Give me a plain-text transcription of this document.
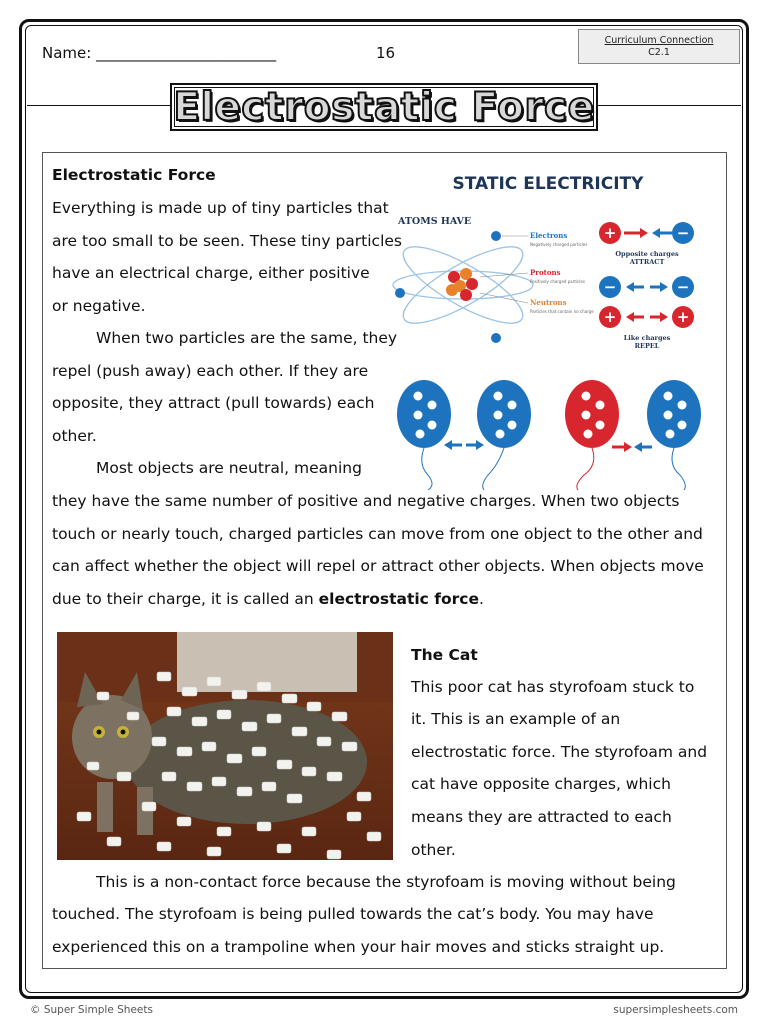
Name: ________________________	16
Curriculum Connection
C2.1
Electrostatic Force
Electrostatic Force
Everything is made up of tiny particles that
are too small to be seen. These tiny particles
have an electrical charge, either positive
or negative.
When two particles are the same, they
repel (push away) each other. If they are
opposite, they attract (pull towards) each
other.
Most objects are neutral, meaning
they have the same number of positive and negative charges. When two objects
touch or nearly touch, charged particles can move from one object to the other and
can affect whether the object will repel or attract other objects. When objects move
due to their charge, it is called an electrostatic force.
STATIC ELECTRICITY
ATOMS HAVE
Electrons
Negatively charged particles
Protons
Positively charged particles
Neutrons
Particles that contain no charge
+	−
Opposite charges
ATTRACT
−	−
+	+
Like charges
REPEL
The Cat
This poor cat has styrofoam stuck to
it. This is an example of an
electrostatic force. The styrofoam and
cat have opposite charges, which
means they are attracted to each
other.
This is a non-contact force because the styrofoam is moving without being
touched. The styrofoam is being pulled towards the cat’s body. You may have
experienced this on a trampoline when your hair moves and sticks straight up.
© Super Simple Sheets	supersimplesheets.com
